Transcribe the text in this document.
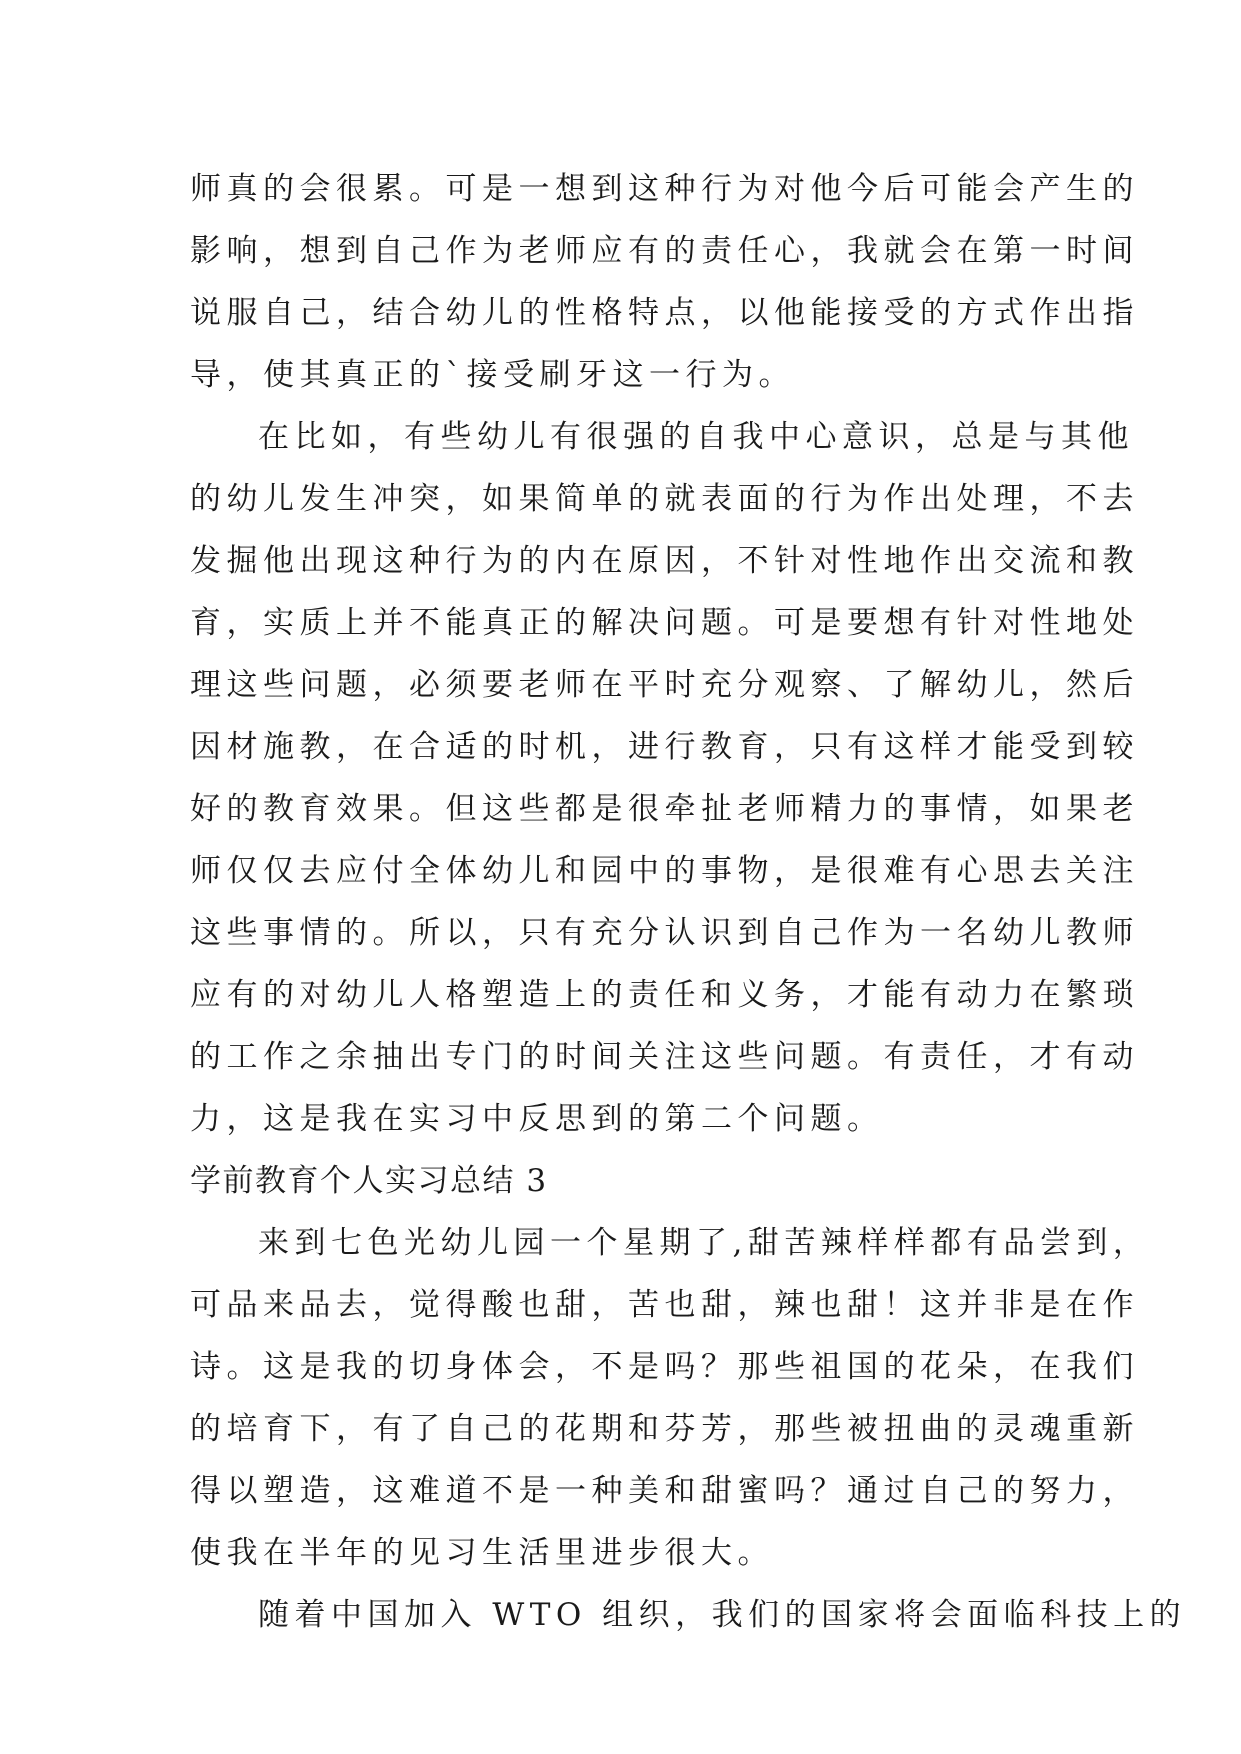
师真的会很累。可是一想到这种行为对他今后可能会产生的
影响，想到自己作为老师应有的责任心，我就会在第一时间
说服自己，结合幼儿的性格特点，以他能接受的方式作出指
导，使其真正的`接受刷牙这一行为。
在比如，有些幼儿有很强的自我中心意识，总是与其他
的幼儿发生冲突，如果简单的就表面的行为作出处理，不去
发掘他出现这种行为的内在原因，不针对性地作出交流和教
育，实质上并不能真正的解决问题。可是要想有针对性地处
理这些问题，必须要老师在平时充分观察、了解幼儿，然后
因材施教，在合适的时机，进行教育，只有这样才能受到较
好的教育效果。但这些都是很牵扯老师精力的事情，如果老
师仅仅去应付全体幼儿和园中的事物，是很难有心思去关注
这些事情的。所以，只有充分认识到自己作为一名幼儿教师
应有的对幼儿人格塑造上的责任和义务，才能有动力在繁琐
的工作之余抽出专门的时间关注这些问题。有责任，才有动
力，这是我在实习中反思到的第二个问题。
学前教育个人实习总结 3
来到七色光幼儿园一个星期了,甜苦辣样样都有品尝到，
可品来品去，觉得酸也甜，苦也甜，辣也甜！这并非是在作
诗。这是我的切身体会，不是吗？那些祖国的花朵，在我们
的培育下，有了自己的花期和芬芳，那些被扭曲的灵魂重新
得以塑造，这难道不是一种美和甜蜜吗？通过自己的努力，
使我在半年的见习生活里进步很大。
随着中国加入 WTO 组织，我们的国家将会面临科技上的
